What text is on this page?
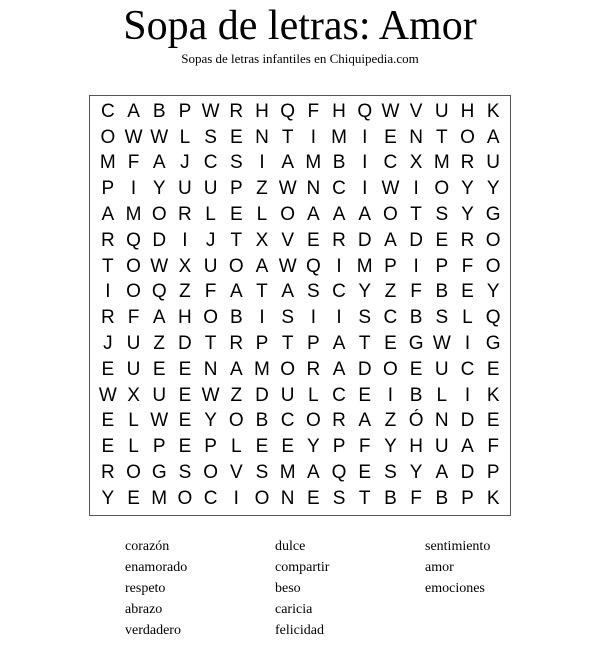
Sopa de letras: Amor
Sopas de letras infantiles en Chiquipedia.com
C A B P W R H Q F H Q W V U H K
O W W L S E N T I M I E N T O A
M F A J C S I A M B I C X M R U
P I Y U U P Z W N C I W I O Y Y
A M O R L E L O A A A O T S Y G
R Q D I J T X V E R D A D E R O
T O W X U O A W Q I M P I P F O
I O Q Z F A T A S C Y Z F B E Y
R F A H O B I S I	I S C B S L Q
J U Z D T R P T P A T E G W I G
E U E E N A M O R A D O E U C E
W X U E W Z D U L C E I B L I K
E L W E Y O B C O R A Z Ó N D E
E L P E P L E E Y P F Y H U A F
R O G S O V S M A Q E S Y A D P
Y E M O C I O N E S T B F B P K
corazón
enamorado
respeto
abrazo
verdadero
dulce
compartir
beso
caricia
felicidad
sentimiento
amor
emociones
